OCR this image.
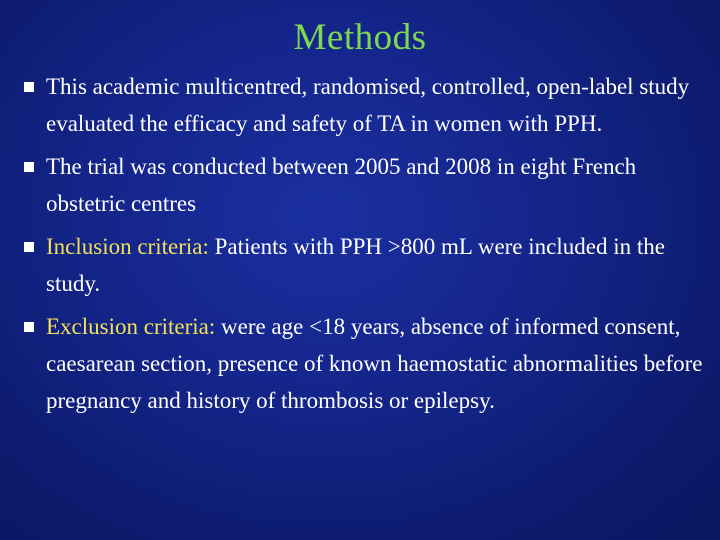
Methods
This academic multicentred, randomised, controlled, open-label study evaluated the efficacy and safety of TA in women with PPH.
The trial was conducted between 2005 and 2008 in eight French obstetric centres
Inclusion criteria: Patients with PPH >800 mL were included in the study.
Exclusion criteria: were age <18 years, absence of informed consent, caesarean section, presence of known haemostatic abnormalities before pregnancy and history of thrombosis or epilepsy.
